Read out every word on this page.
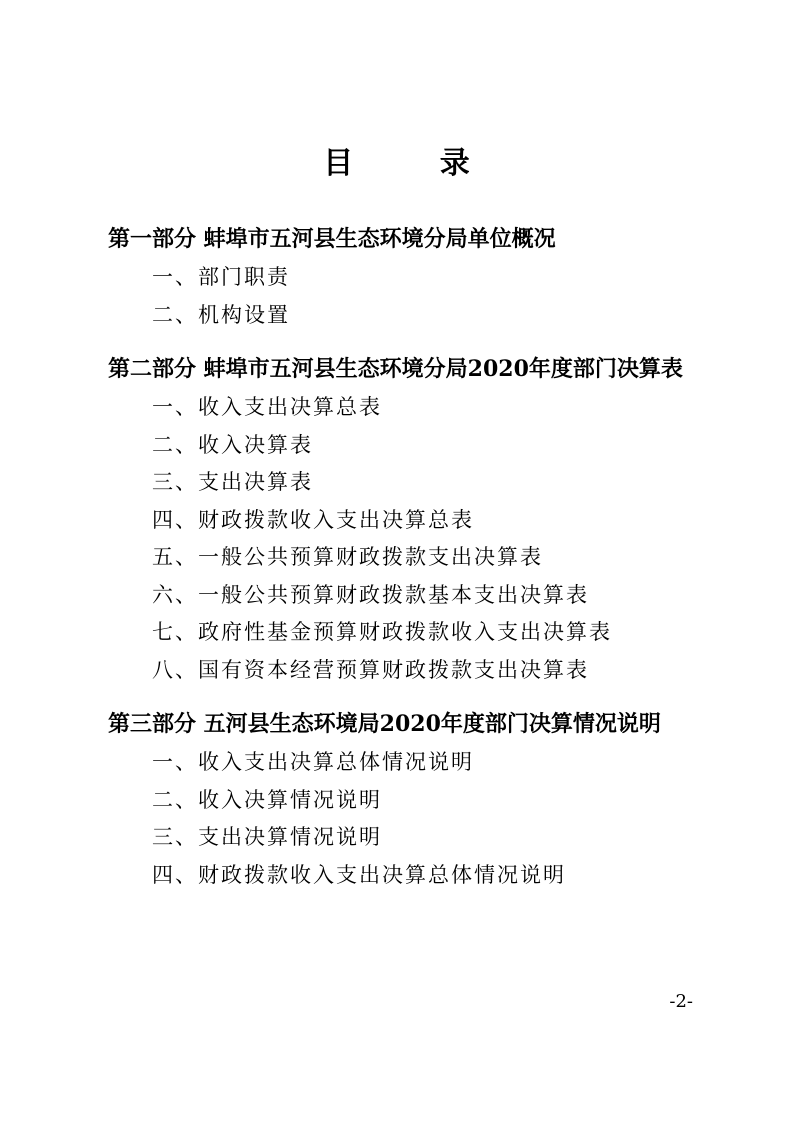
目 录

第一部分 蚌埠市五河县生态环境分局单位概况

一、部门职责

二、机构设置

第二部分 蚌埠市五河县生态环境分局2020年度部门决算表

一、收入支出决算总表

二、收入决算表

三、支出决算表

四、财政拨款收入支出决算总表

五、一般公共预算财政拨款支出决算表

六、一般公共预算财政拨款基本支出决算表

七、政府性基金预算财政拨款收入支出决算表

八、国有资本经营预算财政拨款支出决算表

第三部分 五河县生态环境局2020年度部门决算情况说明

一、收入支出决算总体情况说明

二、收入决算情况说明

三、支出决算情况说明

四、财政拨款收入支出决算总体情况说明

-2-
